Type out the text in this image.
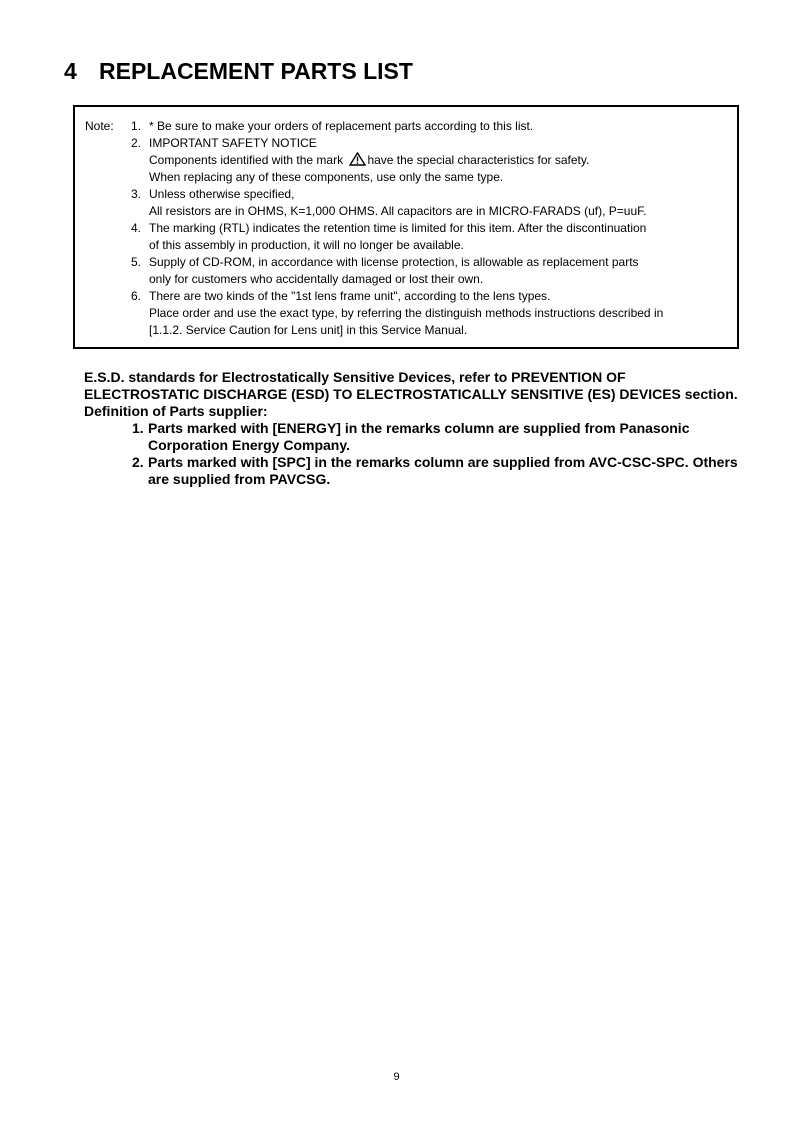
4 REPLACEMENT PARTS LIST
Note: 1. * Be sure to make your orders of replacement parts according to this list.
2. IMPORTANT SAFETY NOTICE
Components identified with the mark have the special characteristics for safety.
When replacing any of these components, use only the same type.
3. Unless otherwise specified,
All resistors are in OHMS, K=1,000 OHMS. All capacitors are in MICRO-FARADS (uf), P=uuF.
4. The marking (RTL) indicates the retention time is limited for this item. After the discontinuation
of this assembly in production, it will no longer be available.
5. Supply of CD-ROM, in accordance with license protection, is allowable as replacement parts
only for customers who accidentally damaged or lost their own.
6. There are two kinds of the "1st lens frame unit", according to the lens types.
Place order and use the exact type, by referring the distinguish methods instructions described in
[1.1.2. Service Caution for Lens unit] in this Service Manual.

E.S.D. standards for Electrostatically Sensitive Devices, refer to PREVENTION OF ELECTROSTATIC DISCHARGE (ESD) TO ELECTROSTATICALLY SENSITIVE (ES) DEVICES section.

Definition of Parts supplier:

1. Parts marked with [ENERGY] in the remarks column are supplied from Panasonic Corporation Energy Company.
2. Parts marked with [SPC] in the remarks column are supplied from AVC-CSC-SPC. Others are supplied from PAVCSG.
9
